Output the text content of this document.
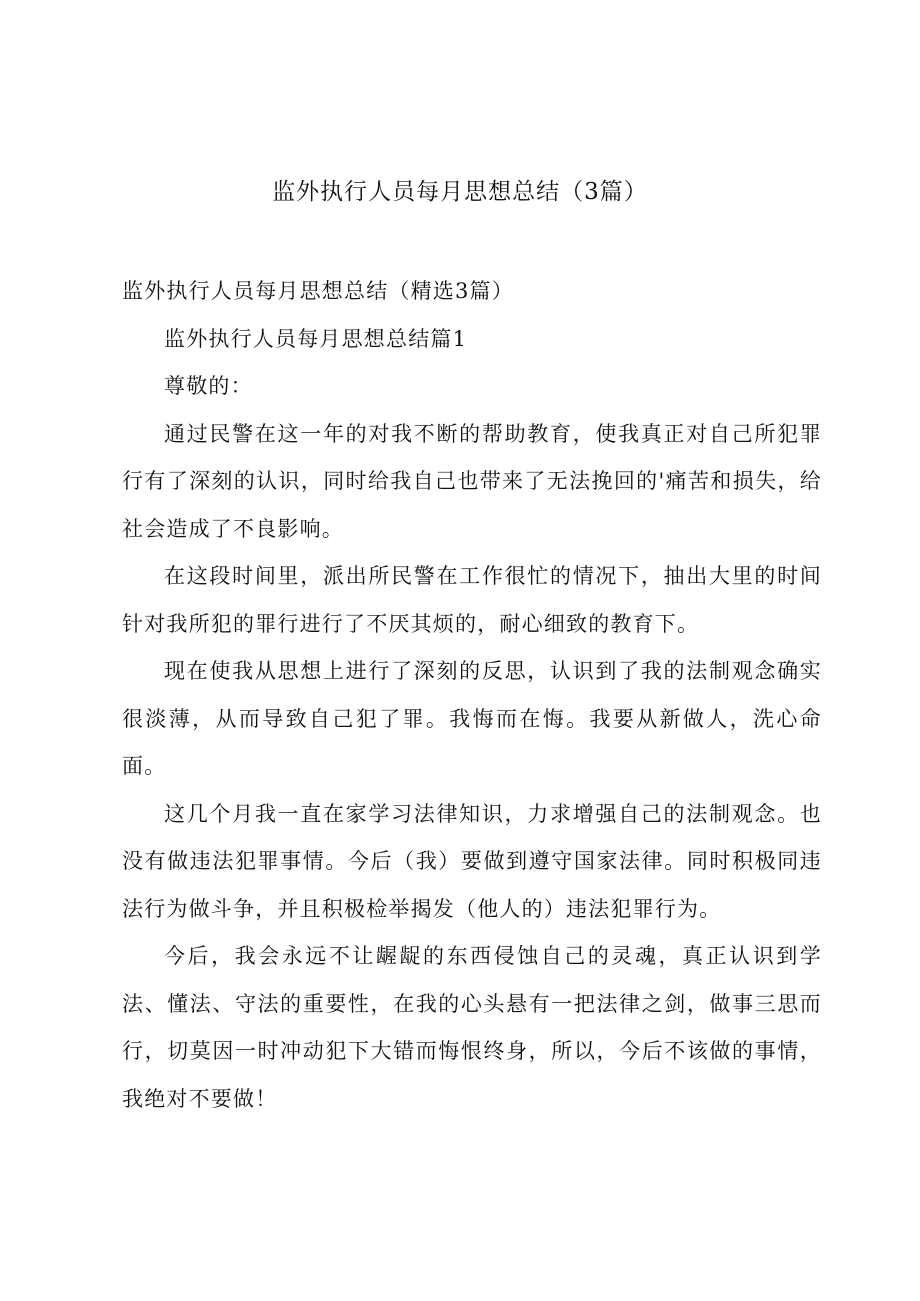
监外执行人员每月思想总结（3篇）

监外执行人员每月思想总结（精选3篇）

监外执行人员每月思想总结篇1

尊敬的：

通过民警在这一年的对我不断的帮助教育，使我真正对自己所犯罪行有了深刻的认识，同时给我自己也带来了无法挽回的'痛苦和损失，给社会造成了不良影响。

在这段时间里，派出所民警在工作很忙的情况下，抽出大里的时间针对我所犯的罪行进行了不厌其烦的，耐心细致的教育下。

现在使我从思想上进行了深刻的反思，认识到了我的法制观念确实很淡薄，从而导致自己犯了罪。我悔而在悔。我要从新做人，洗心命面。

这几个月我一直在家学习法律知识，力求增强自己的法制观念。也没有做违法犯罪事情。今后（我）要做到遵守国家法律。同时积极同违法行为做斗争，并且积极检举揭发（他人的）违法犯罪行为。

今后，我会永远不让龌龊的东西侵蚀自己的灵魂，真正认识到学法、懂法、守法的重要性，在我的心头悬有一把法律之剑，做事三思而行，切莫因一时冲动犯下大错而悔恨终身，所以，今后不该做的事情，我绝对不要做！
